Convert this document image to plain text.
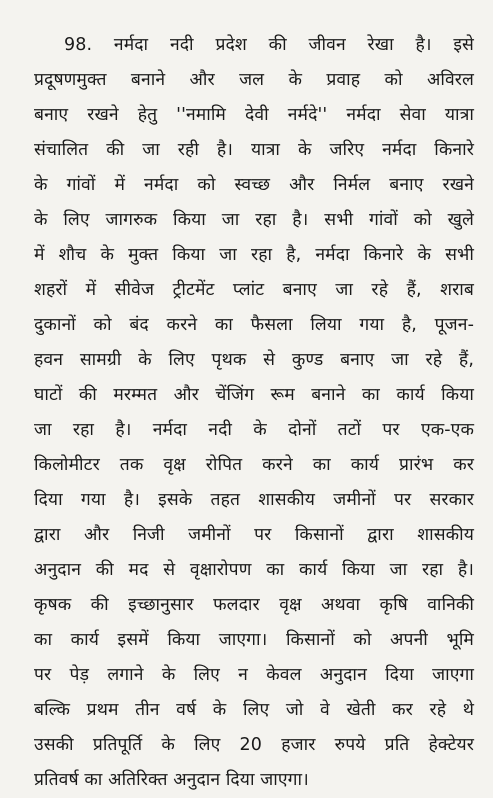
98. नर्मदा नदी प्रदेश की जीवन रेखा है। इसे
प्रदूषणमुक्त बनाने और जल के प्रवाह को अविरल
बनाए रखने हेतु ''नमामि देवी नर्मदे'' नर्मदा सेवा यात्रा
संचालित की जा रही है। यात्रा के जरिए नर्मदा किनारे
के गांवों में नर्मदा को स्वच्छ और निर्मल बनाए रखने
के लिए जागरुक किया जा रहा है। सभी गांवों को खुले
में शौच के मुक्त किया जा रहा है, नर्मदा किनारे के सभी
शहरों में सीवेज ट्रीटमेंट प्लांट बनाए जा रहे हैं, शराब
दुकानों को बंद करने का फैसला लिया गया है, पूजन-
हवन सामग्री के लिए पृथक से कुण्ड बनाए जा रहे हैं,
घाटों की मरम्मत और चेंजिंग रूम बनाने का कार्य किया
जा रहा है। नर्मदा नदी के दोनों तटों पर एक-एक
किलोमीटर तक वृक्ष रोपित करने का कार्य प्रारंभ कर
दिया गया है। इसके तहत शासकीय जमीनों पर सरकार
द्वारा और निजी जमीनों पर किसानों द्वारा शासकीय
अनुदान की मद से वृक्षारोपण का कार्य किया जा रहा है।
कृषक की इच्छानुसार फलदार वृक्ष अथवा कृषि वानिकी
का कार्य इसमें किया जाएगा। किसानों को अपनी भूमि
पर पेड़ लगाने के लिए न केवल अनुदान दिया जाएगा
बल्कि प्रथम तीन वर्ष के लिए जो वे खेती कर रहे थे
उसकी प्रतिपूर्ति के लिए 20 हजार रुपये प्रति हेक्टेयर
प्रतिवर्ष का अतिरिक्त अनुदान दिया जाएगा।
